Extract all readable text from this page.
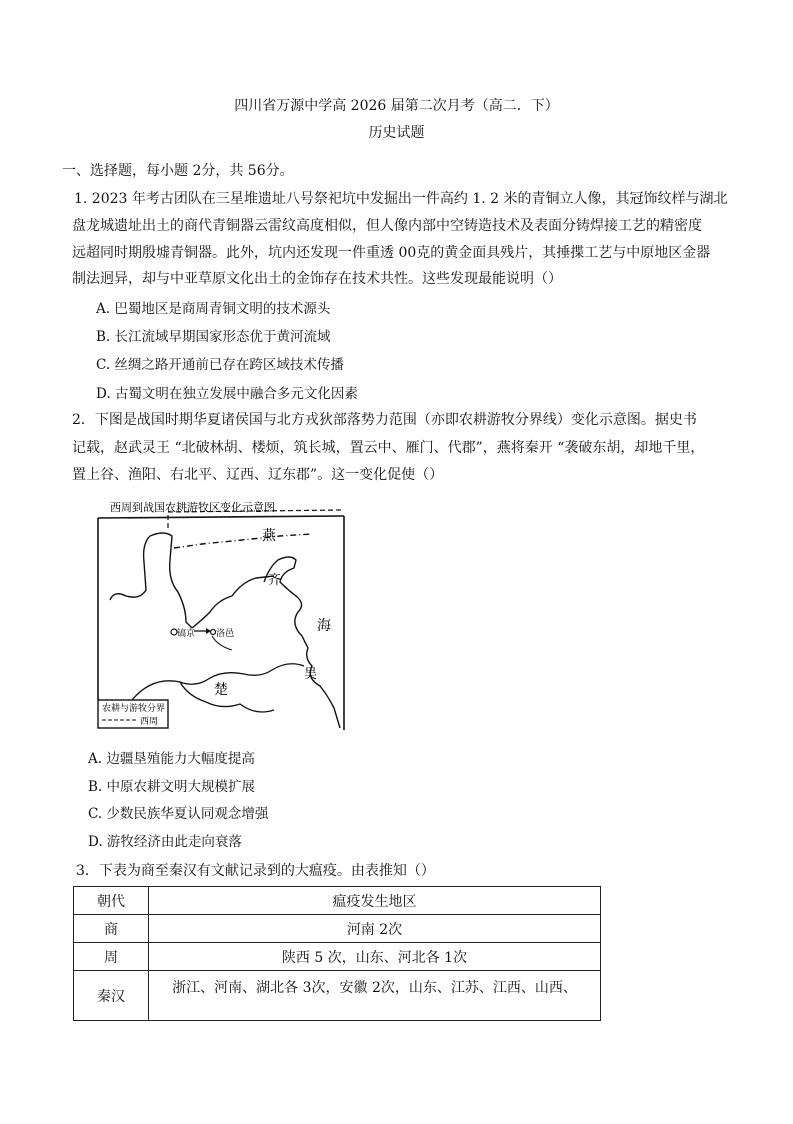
四川省万源中学高 2026 届第二次月考（高二．下）
历史试题
一、选择题，每小题 2分，共 56分。
1. 2023 年考古团队在三星堆遗址八号祭祀坑中发掘出一件高约 1. 2 米的青铜立人像，其冠饰纹样与湖北
盘龙城遗址出土的商代青铜器云雷纹高度相似，但人像内部中空铸造技术及表面分铸焊接工艺的精密度
远超同时期殷墟青铜器。此外，坑内还发现一件重透 00克的黄金面具残片，其捶揲工艺与中原地区金器
制法迥异，却与中亚草原文化出土的金饰存在技术共性。这些发现最能说明（）
A. 巴蜀地区是商周青铜文明的技术源头
B. 长江流域早期国家形态优于黄河流域
C. 丝绸之路开通前已存在跨区域技术传播
D. 古蜀文明在独立发展中融合多元文化因素
2．下图是战国时期华夏诸侯国与北方戎狄部落势力范围（亦即农耕游牧分界线）变化示意图。据史书
记载，赵武灵王 “北破林胡、楼烦，筑长城，置云中、雁门、代郡”，燕将秦开 “袭破东胡，却地千里，
置上谷、渔阳、右北平、辽西、辽东郡”。这一变化促使（）
西周到战国农耕游牧区变化示意图
镐京 洛邑
燕
齐
海
吴
楚
农耕与游牧分界
西周
A. 边疆垦殖能力大幅度提高
B. 中原农耕文明大规模扩展
C. 少数民族华夏认同观念增强
D. 游牧经济由此走向衰落
3．下表为商至秦汉有文献记录到的大瘟疫。由表推知（）
朝代	瘟疫发生地区
商	河南 2次
周	陕西 5 次，山东、河北各 1次
秦汉	浙江、河南、湖北各 3次，安徽 2次，山东、江苏、江西、山西、
